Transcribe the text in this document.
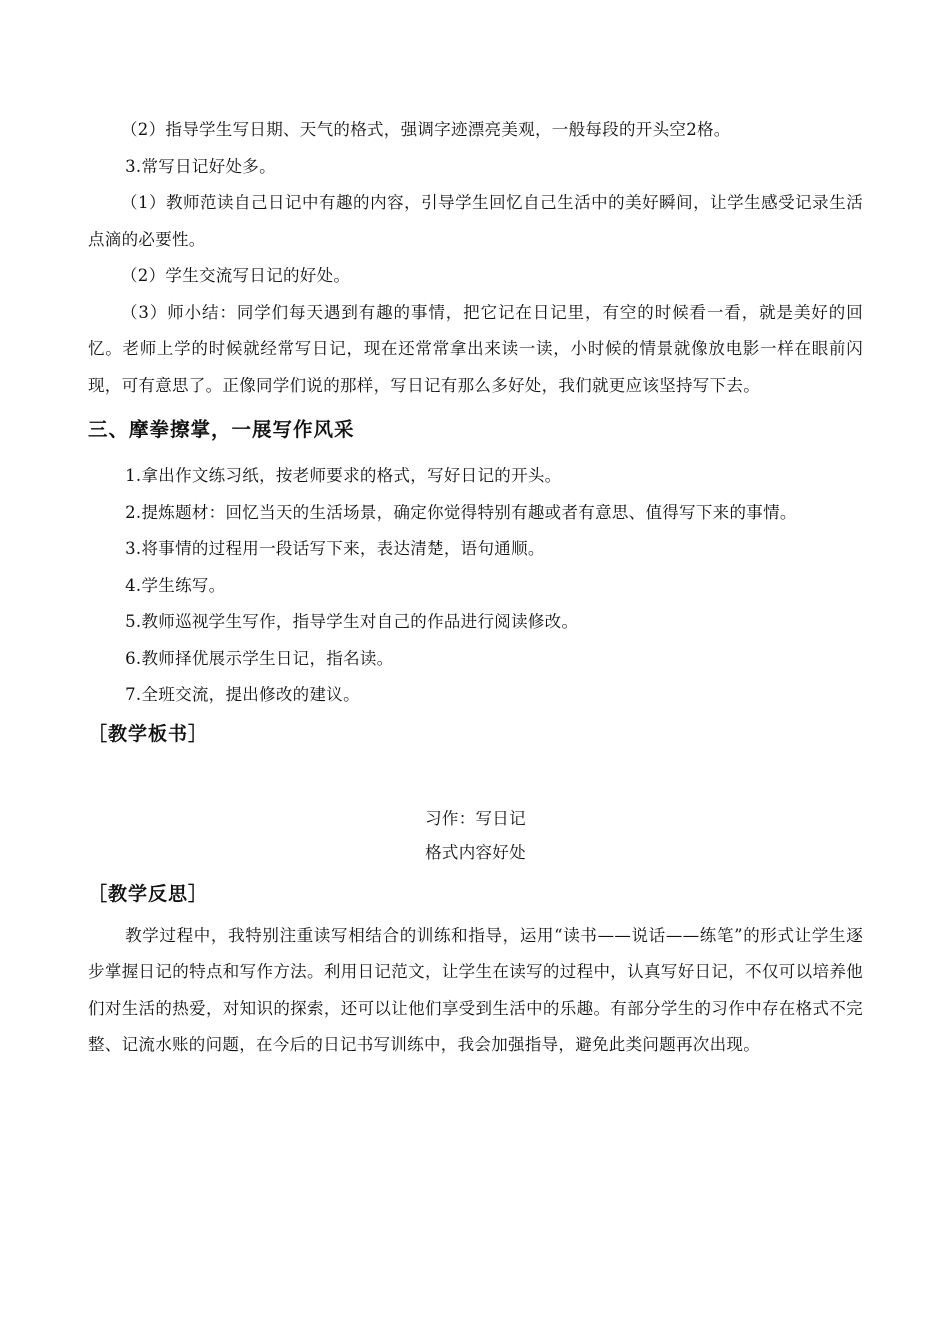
（2）指导学生写日期、天气的格式，强调字迹漂亮美观，一般每段的开头空2格。

3.常写日记好处多。

（1）教师范读自己日记中有趣的内容，引导学生回忆自己生活中的美好瞬间，让学生感受记录生活点滴的必要性。

（2）学生交流写日记的好处。

（3）师小结：同学们每天遇到有趣的事情，把它记在日记里，有空的时候看一看，就是美好的回忆。老师上学的时候就经常写日记，现在还常常拿出来读一读，小时候的情景就像放电影一样在眼前闪现，可有意思了。正像同学们说的那样，写日记有那么多好处，我们就更应该坚持写下去。

三、摩拳擦掌，一展写作风采

1.拿出作文练习纸，按老师要求的格式，写好日记的开头。

2.提炼题材：回忆当天的生活场景，确定你觉得特别有趣或者有意思、值得写下来的事情。

3.将事情的过程用一段话写下来，表达清楚，语句通顺。

4.学生练写。

5.教师巡视学生写作，指导学生对自己的作品进行阅读修改。

6.教师择优展示学生日记，指名读。

7.全班交流，提出修改的建议。

［教学板书］
习作：写日记
格式内容好处
［教学反思］

教学过程中，我特别注重读写相结合的训练和指导，运用“读书——说话——练笔”的形式让学生逐步掌握日记的特点和写作方法。利用日记范文，让学生在读写的过程中，认真写好日记，不仅可以培养他们对生活的热爱，对知识的探索，还可以让他们享受到生活中的乐趣。有部分学生的习作中存在格式不完整、记流水账的问题，在今后的日记书写训练中，我会加强指导，避免此类问题再次出现。
